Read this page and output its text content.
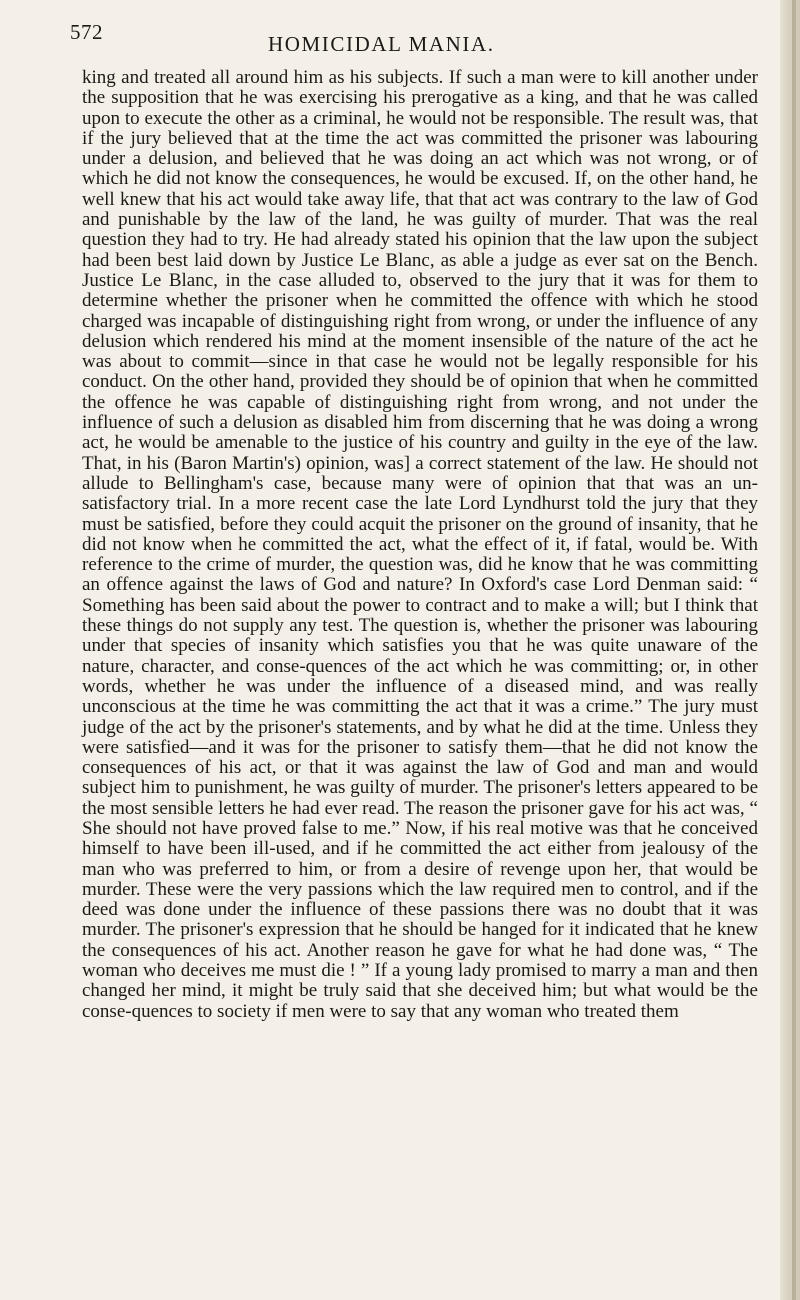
572	HOMICIDAL MANIA.
king and treated all around him as his subjects. If such a man were to kill another under the supposition that he was exercising his prerogative as a king, and that he was called upon to execute the other as a criminal, he would not be responsible. The result was, that if the jury believed that at the time the act was committed the prisoner was labouring under a delusion, and believed that he was doing an act which was not wrong, or of which he did not know the consequences, he would be excused. If, on the other hand, he well knew that his act would take away life, that that act was contrary to the law of God and punishable by the law of the land, he was guilty of murder. That was the real question they had to try. He had already stated his opinion that the law upon the subject had been best laid down by Justice Le Blanc, as able a judge as ever sat on the Bench. Justice Le Blanc, in the case alluded to, observed to the jury that it was for them to determine whether the prisoner when he committed the offence with which he stood charged was incapable of distinguishing right from wrong, or under the influence of any delusion which rendered his mind at the moment insensible of the nature of the act he was about to commit—since in that case he would not be legally responsible for his conduct. On the other hand, provided they should be of opinion that when he committed the offence he was capable of distinguishing right from wrong, and not under the influence of such a delusion as disabled him from discerning that he was doing a wrong act, he would be amenable to the justice of his country and guilty in the eye of the law. That, in his (Baron Martin's) opinion, was] a correct statement of the law. He should not allude to Bellingham's case, because many were of opinion that that was an un-satisfactory trial. In a more recent case the late Lord Lyndhurst told the jury that they must be satisfied, before they could acquit the prisoner on the ground of insanity, that he did not know when he committed the act, what the effect of it, if fatal, would be. With reference to the crime of murder, the question was, did he know that he was committing an offence against the laws of God and nature? In Oxford's case Lord Denman said: “ Something has been said about the power to contract and to make a will; but I think that these things do not supply any test. The question is, whether the prisoner was labouring under that species of insanity which satisfies you that he was quite unaware of the nature, character, and conse-quences of the act which he was committing; or, in other words, whether he was under the influence of a diseased mind, and was really unconscious at the time he was committing the act that it was a crime.” The jury must judge of the act by the prisoner's statements, and by what he did at the time. Unless they were satisfied—and it was for the prisoner to satisfy them—that he did not know the consequences of his act, or that it was against the law of God and man and would subject him to punishment, he was guilty of murder. The prisoner's letters appeared to be the most sensible letters he had ever read. The reason the prisoner gave for his act was, “ She should not have proved false to me.” Now, if his real motive was that he conceived himself to have been ill-used, and if he committed the act either from jealousy of the man who was preferred to him, or from a desire of revenge upon her, that would be murder. These were the very passions which the law required men to control, and if the deed was done under the influence of these passions there was no doubt that it was murder. The prisoner's expression that he should be hanged for it indicated that he knew the consequences of his act. Another reason he gave for what he had done was, “ The woman who deceives me must die ! ” If a young lady promised to marry a man and then changed her mind, it might be truly said that she deceived him; but what would be the conse-quences to society if men were to say that any woman who treated them
